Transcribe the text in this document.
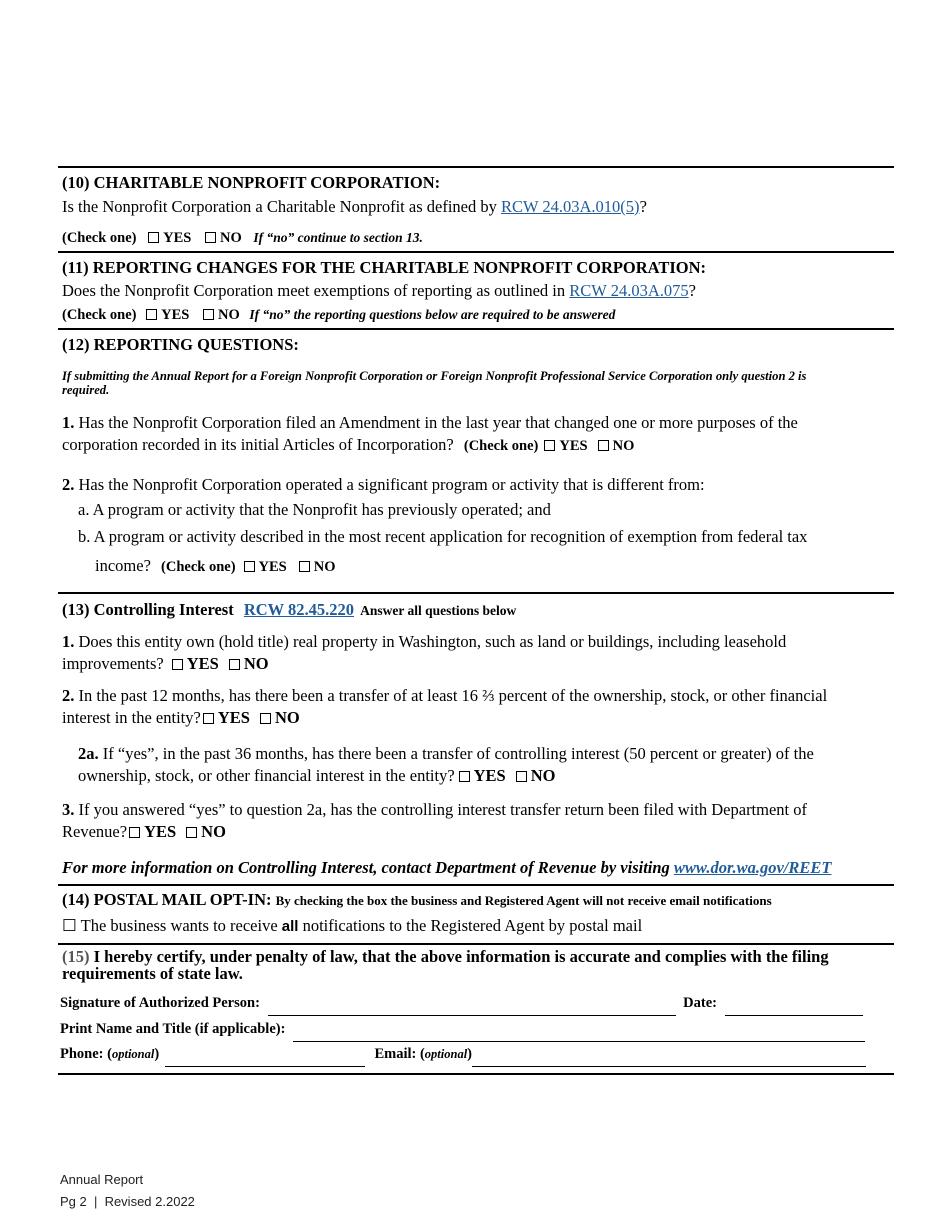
(10) CHARITABLE NONPROFIT CORPORATION:
Is the Nonprofit Corporation a Charitable Nonprofit as defined by RCW 24.03A.010(5)?
(Check one) YES NO If “no” continue to section 13.
(11) REPORTING CHANGES FOR THE CHARITABLE NONPROFIT CORPORATION:
Does the Nonprofit Corporation meet exemptions of reporting as outlined in RCW 24.03A.075?
(Check one) YES NO If “no” the reporting questions below are required to be answered
(12) REPORTING QUESTIONS:
If submitting the Annual Report for a Foreign Nonprofit Corporation or Foreign Nonprofit Professional Service Corporation only question 2 is
required.
1. Has the Nonprofit Corporation filed an Amendment in the last year that changed one or more purposes of the
corporation recorded in its initial Articles of Incorporation? (Check one) YES NO
2. Has the Nonprofit Corporation operated a significant program or activity that is different from:
a. A program or activity that the Nonprofit has previously operated; and
b. A program or activity described in the most recent application for recognition of exemption from federal tax
income? (Check one) YES NO
(13) Controlling Interest RCW 82.45.220 Answer all questions below
1. Does this entity own (hold title) real property in Washington, such as land or buildings, including leasehold
improvements? YES NO
2. In the past 12 months, has there been a transfer of at least 16 ⅔ percent of the ownership, stock, or other financial
interest in the entity? YES NO
2a. If “yes”, in the past 36 months, has there been a transfer of controlling interest (50 percent or greater) of the
ownership, stock, or other financial interest in the entity? YES NO
3. If you answered “yes” to question 2a, has the controlling interest transfer return been filed with Department of
Revenue? YES NO
For more information on Controlling Interest, contact Department of Revenue by visiting www.dor.wa.gov/REET
(14) POSTAL MAIL OPT-IN: By checking the box the business and Registered Agent will not receive email notifications
☐ The business wants to receive all notifications to the Registered Agent by postal mail
(15) I hereby certify, under penalty of law, that the above information is accurate and complies with the filing
requirements of state law.
Signature of Authorized Person:	Date:
Print Name and Title (if applicable):
Phone: (optional)	Email: (optional)
Annual Report
Pg 2  |  Revised 2.2022
